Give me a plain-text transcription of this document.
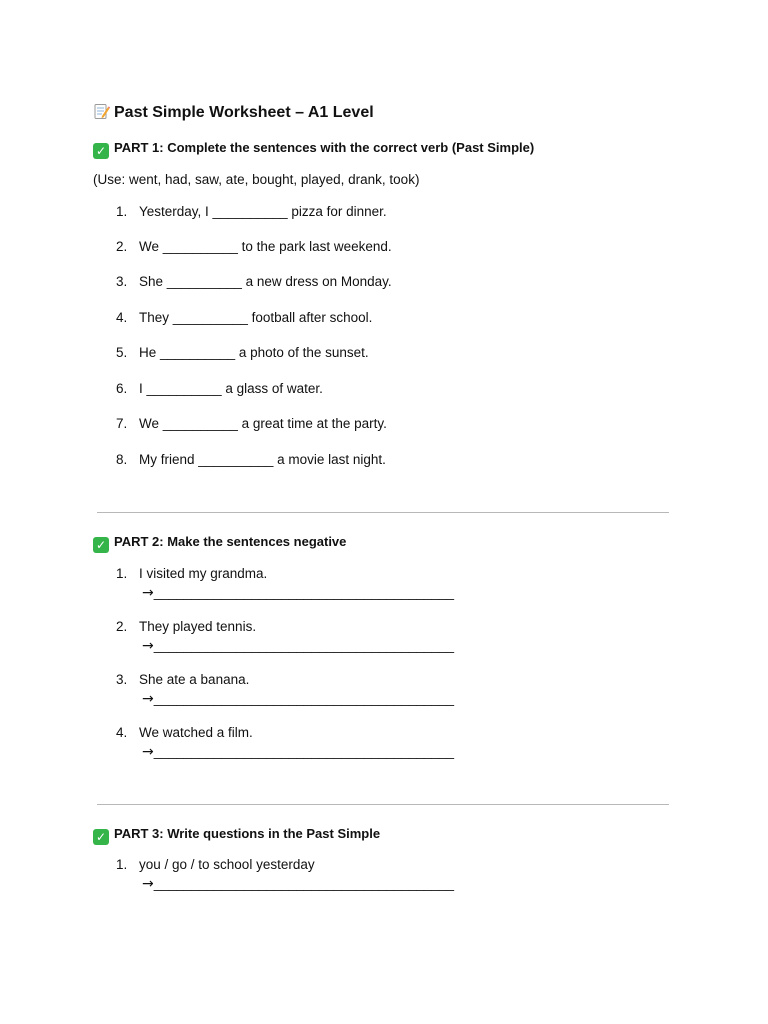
Past Simple Worksheet – A1 Level
✓ PART 1: Complete the sentences with the correct verb (Past Simple)
(Use: went, had, saw, ate, bought, played, drank, took)
1. Yesterday, I __________ pizza for dinner.
2. We __________ to the park last weekend.
3. She __________ a new dress on Monday.
4. They __________ football after school.
5. He __________ a photo of the sunset.
6. I __________ a glass of water.
7. We __________ a great time at the party.
8. My friend __________ a movie last night.
✓ PART 2: Make the sentences negative
1. I visited my grandma.
→________________________________________
2. They played tennis.
→________________________________________
3. She ate a banana.
→________________________________________
4. We watched a film.
→________________________________________
✓ PART 3: Write questions in the Past Simple
1. you / go / to school yesterday
→________________________________________
